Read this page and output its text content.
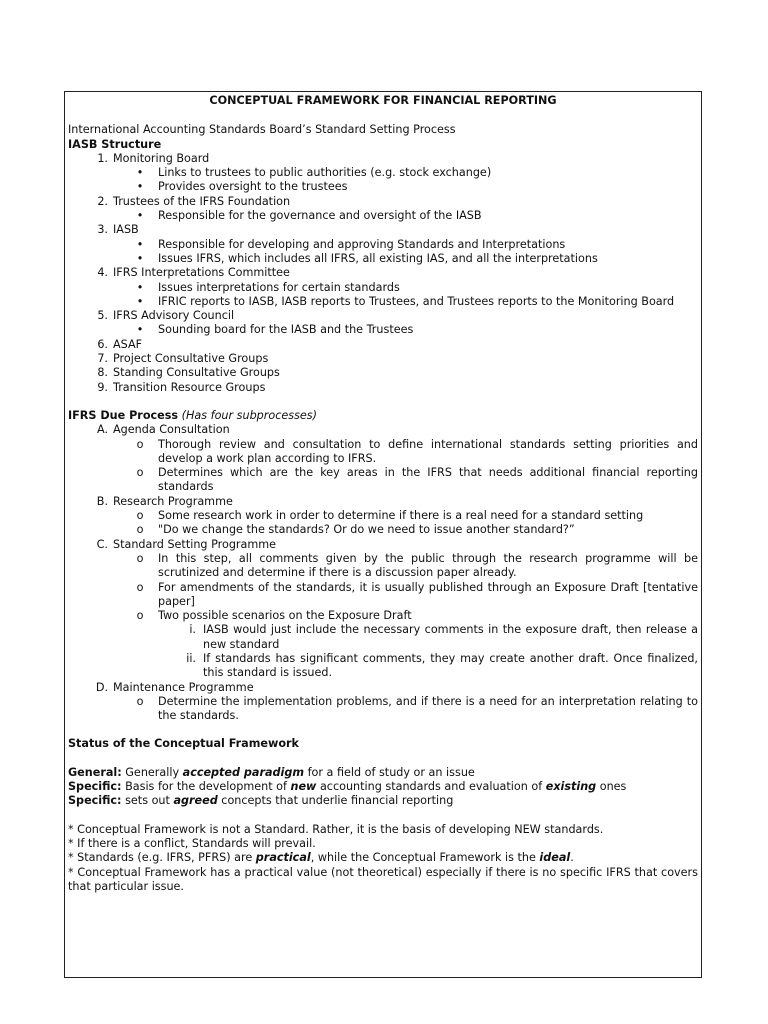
CONCEPTUAL FRAMEWORK FOR FINANCIAL REPORTING
International Accounting Standards Board’s Standard Setting Process
IASB Structure
1. Monitoring Board
• Links to trustees to public authorities (e.g. stock exchange)
• Provides oversight to the trustees
2. Trustees of the IFRS Foundation
• Responsible for the governance and oversight of the IASB
3. IASB
• Responsible for developing and approving Standards and Interpretations
• Issues IFRS, which includes all IFRS, all existing IAS, and all the interpretations
4. IFRS Interpretations Committee
• Issues interpretations for certain standards
• IFRIC reports to IASB, IASB reports to Trustees, and Trustees reports to the Monitoring Board
5. IFRS Advisory Council
• Sounding board for the IASB and the Trustees
6. ASAF
7. Project Consultative Groups
8. Standing Consultative Groups
9. Transition Resource Groups
IFRS Due Process (Has four subprocesses)
A. Agenda Consultation
o Thorough review and consultation to define international standards setting priorities and develop a work plan according to IFRS.
o Determines which are the key areas in the IFRS that needs additional financial reporting standards
B. Research Programme
o Some research work in order to determine if there is a real need for a standard setting
o "Do we change the standards? Or do we need to issue another standard?”
C. Standard Setting Programme
o In this step, all comments given by the public through the research programme will be scrutinized and determine if there is a discussion paper already.
o For amendments of the standards, it is usually published through an Exposure Draft [tentative paper]
o Two possible scenarios on the Exposure Draft
i. IASB would just include the necessary comments in the exposure draft, then release a new standard
ii. If standards has significant comments, they may create another draft. Once finalized, this standard is issued.
D. Maintenance Programme
o Determine the implementation problems, and if there is a need for an interpretation relating to the standards.
Status of the Conceptual Framework
General: Generally accepted paradigm for a field of study or an issue
Specific: Basis for the development of new accounting standards and evaluation of existing ones
Specific: sets out agreed concepts that underlie financial reporting
* Conceptual Framework is not a Standard. Rather, it is the basis of developing NEW standards.
* If there is a conflict, Standards will prevail.
* Standards (e.g. IFRS, PFRS) are practical, while the Conceptual Framework is the ideal.
* Conceptual Framework has a practical value (not theoretical) especially if there is no specific IFRS that covers that particular issue.
